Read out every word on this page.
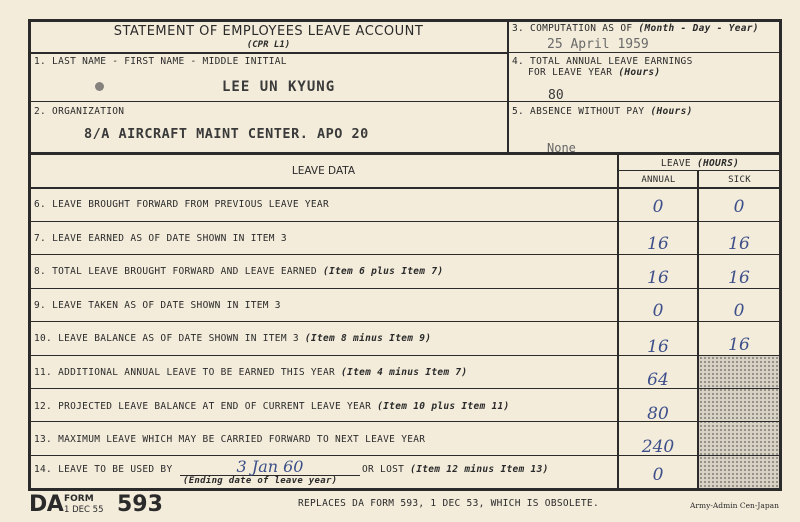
STATEMENT OF EMPLOYEES LEAVE ACCOUNT
(CPR L1)
3. COMPUTATION AS OF (Month - Day - Year)
25 April 1959
1. LAST NAME - FIRST NAME - MIDDLE INITIAL
LEE UN KYUNG
4. TOTAL ANNUAL LEAVE EARNINGS
FOR LEAVE YEAR (Hours)
80
2. ORGANIZATION
8/A AIRCRAFT MAINT CENTER. APO 20
5. ABSENCE WITHOUT PAY (Hours)
None
LEAVE DATA
LEAVE (HOURS)
ANNUAL	SICK
6. LEAVE BROUGHT FORWARD FROM PREVIOUS LEAVE YEAR	0	0
7. LEAVE EARNED AS OF DATE SHOWN IN ITEM 3	16	16
8. TOTAL LEAVE BROUGHT FORWARD AND LEAVE EARNED (Item 6 plus Item 7)	16	16
9. LEAVE TAKEN AS OF DATE SHOWN IN ITEM 3	0	0
10. LEAVE BALANCE AS OF DATE SHOWN IN ITEM 3 (Item 8 minus Item 9)	16	16
11. ADDITIONAL ANNUAL LEAVE TO BE EARNED THIS YEAR (Item 4 minus Item 7)	64
12. PROJECTED LEAVE BALANCE AT END OF CURRENT LEAVE YEAR (Item 10 plus Item 11)	80
13. MAXIMUM LEAVE WHICH MAY BE CARRIED FORWARD TO NEXT LEAVE YEAR	240
14. LEAVE TO BE USED BY	3 Jan 60
(Ending date of leave year)
OR LOST (Item 12 minus Item 13)	0
DA FORM
1 DEC 55 593	REPLACES DA FORM 593, 1 DEC 53, WHICH IS OBSOLETE.	Army-Admin Cen-Japan
